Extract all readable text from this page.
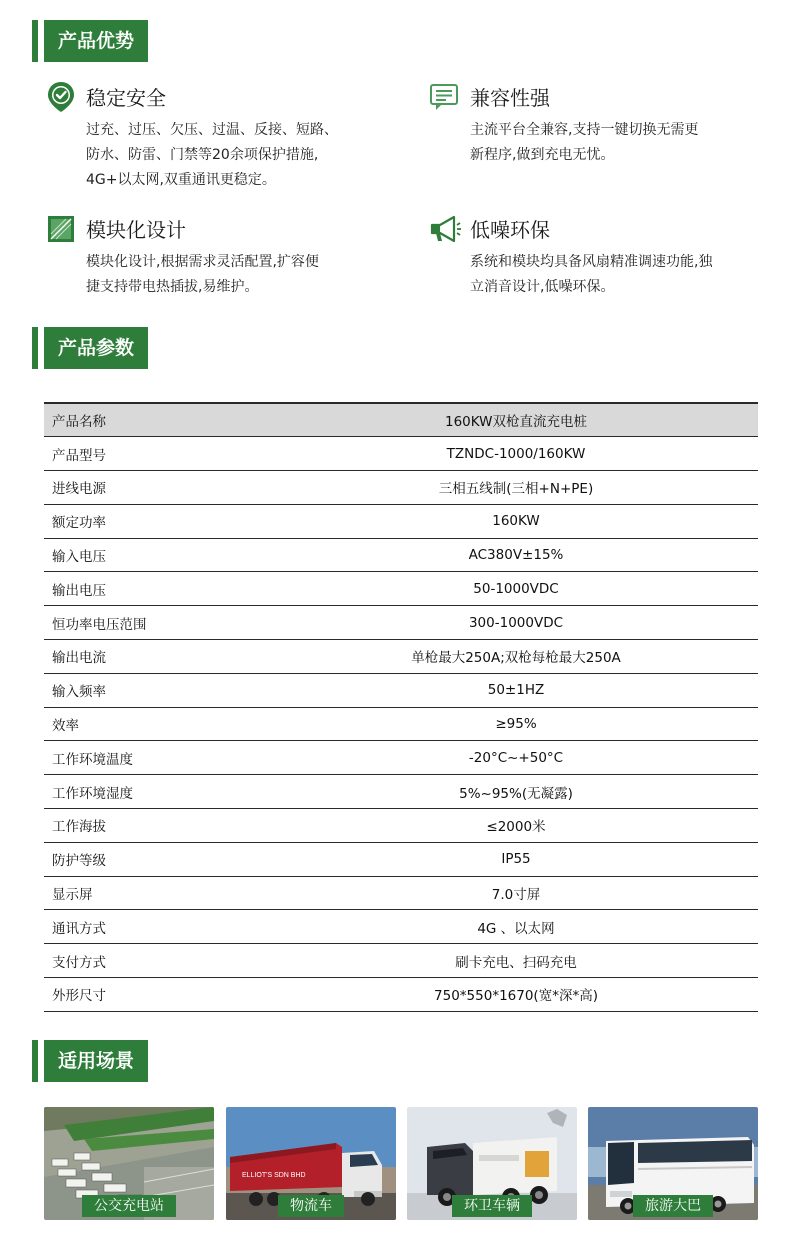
产品优势
稳定安全
过充、过压、欠压、过温、反接、短路、
防水、防雷、门禁等20余项保护措施,
4G+以太网,双重通讯更稳定。
兼容性强
主流平台全兼容,支持一键切换无需更
新程序,做到充电无忧。
模块化设计
模块化设计,根据需求灵活配置,扩容便
捷支持带电热插拔,易维护。
低噪环保
系统和模块均具备风扇精准调速功能,独
立消音设计,低噪环保。
产品参数
产品名称	160KW双枪直流充电桩
产品型号	TZNDC-1000/160KW
进线电源	三相五线制(三相+N+PE)
额定功率	160KW
输入电压	AC380V±15%
输出电压	50-1000VDC
恒功率电压范围	300-1000VDC
输出电流	单枪最大250A;双枪每枪最大250A
输入频率	50±1HZ
效率	≥95%
工作环境温度	-20°C~+50°C
工作环境湿度	5%~95%(无凝露)
工作海拔	≤2000米
防护等级	IP55
显示屏	7.0寸屏
通讯方式	4G 、以太网
支付方式	刷卡充电、扫码充电
外形尺寸	750*550*1670(宽*深*高)
适用场景
公交充电站
ELLIOT'S SDN BHD
物流车	环卫车辆	旅游大巴
